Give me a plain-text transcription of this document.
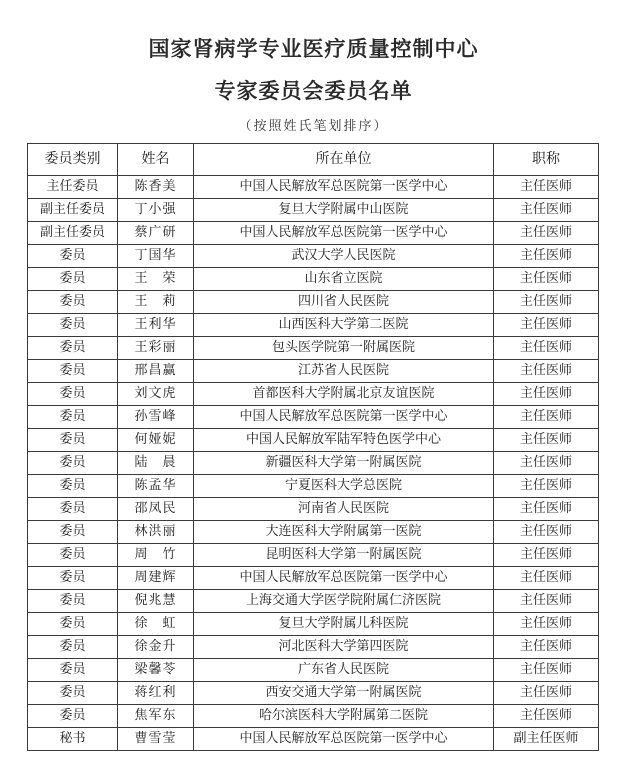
国家肾病学专业医疗质量控制中心
专家委员会委员名单
（按照姓氏笔划排序）
委员类别	姓名	所在单位	职称
主任委员	陈香美	中国人民解放军总医院第一医学中心	主任医师
副主任委员	丁小强	复旦大学附属中山医院	主任医师
副主任委员	蔡广研	中国人民解放军总医院第一医学中心	主任医师
委员	丁国华	武汉大学人民医院	主任医师
委员	王　荣	山东省立医院	主任医师
委员	王　莉	四川省人民医院	主任医师
委员	王利华	山西医科大学第二医院	主任医师
委员	王彩丽	包头医学院第一附属医院	主任医师
委员	邢昌赢	江苏省人民医院	主任医师
委员	刘文虎	首都医科大学附属北京友谊医院	主任医师
委员	孙雪峰	中国人民解放军总医院第一医学中心	主任医师
委员	何娅妮	中国人民解放军陆军特色医学中心	主任医师
委员	陆　晨	新疆医科大学第一附属医院	主任医师
委员	陈孟华	宁夏医科大学总医院	主任医师
委员	邵凤民	河南省人民医院	主任医师
委员	林洪丽	大连医科大学附属第一医院	主任医师
委员	周　竹	昆明医科大学第一附属医院	主任医师
委员	周建辉	中国人民解放军总医院第一医学中心	主任医师
委员	倪兆慧	上海交通大学医学院附属仁济医院	主任医师
委员	徐　虹	复旦大学附属儿科医院	主任医师
委员	徐金升	河北医科大学第四医院	主任医师
委员	梁馨苓	广东省人民医院	主任医师
委员	蒋红利	西安交通大学第一附属医院	主任医师
委员	焦军东	哈尔滨医科大学附属第二医院	主任医师
秘书	曹雪莹	中国人民解放军总医院第一医学中心	副主任医师
